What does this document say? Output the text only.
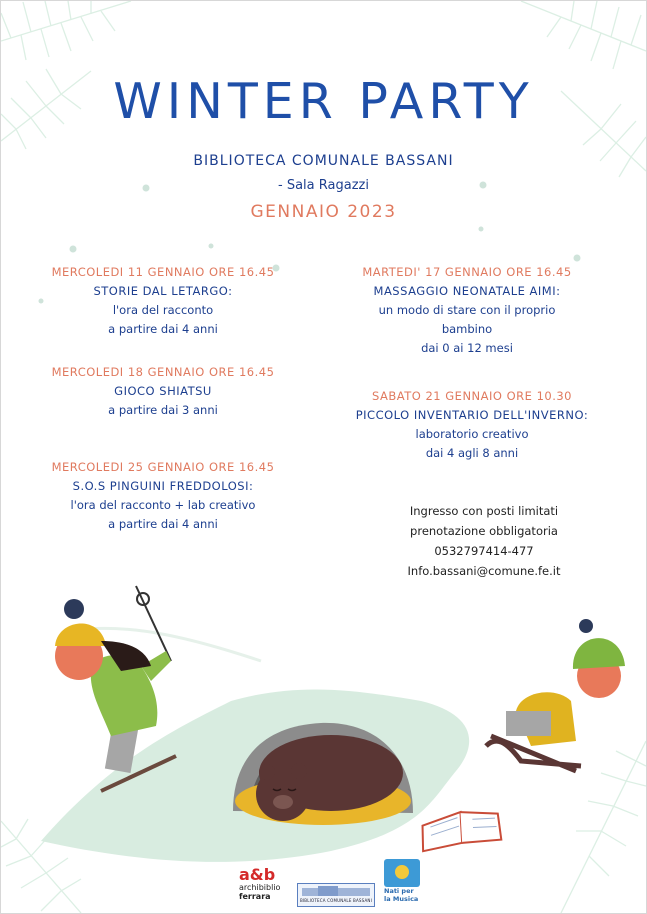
WINTER PARTY
BIBLIOTECA COMUNALE BASSANI
- Sala Ragazzi
GENNAIO 2023
MERCOLEDI 11 GENNAIO ORE 16.45
STORIE DAL LETARGO:
l'ora del racconto
a partire dai 4 anni
MERCOLEDI 18 GENNAIO ORE 16.45
GIOCO SHIATSU
a partire dai 3 anni
MERCOLEDI 25 GENNAIO ORE 16.45
S.O.S PINGUINI FREDDOLOSI:
l'ora del racconto + lab creativo
a partire dai 4 anni
MARTEDI' 17 GENNAIO ORE 16.45
MASSAGGIO NEONATALE AIMI:
un modo di stare con il proprio
bambino
dai 0 ai 12 mesi
SABATO 21 GENNAIO ORE 10.30
PICCOLO INVENTARIO DELL'INVERNO:
laboratorio creativo
dai 4 agli 8 anni
Ingresso con posti limitati
prenotazione obbligatoria
0532797414-477
Info.bassani@comune.fe.it
a&b
archibiblio
ferrara	BIBLIOTECA COMUNALE BASSANI
Nati per
la Musica
